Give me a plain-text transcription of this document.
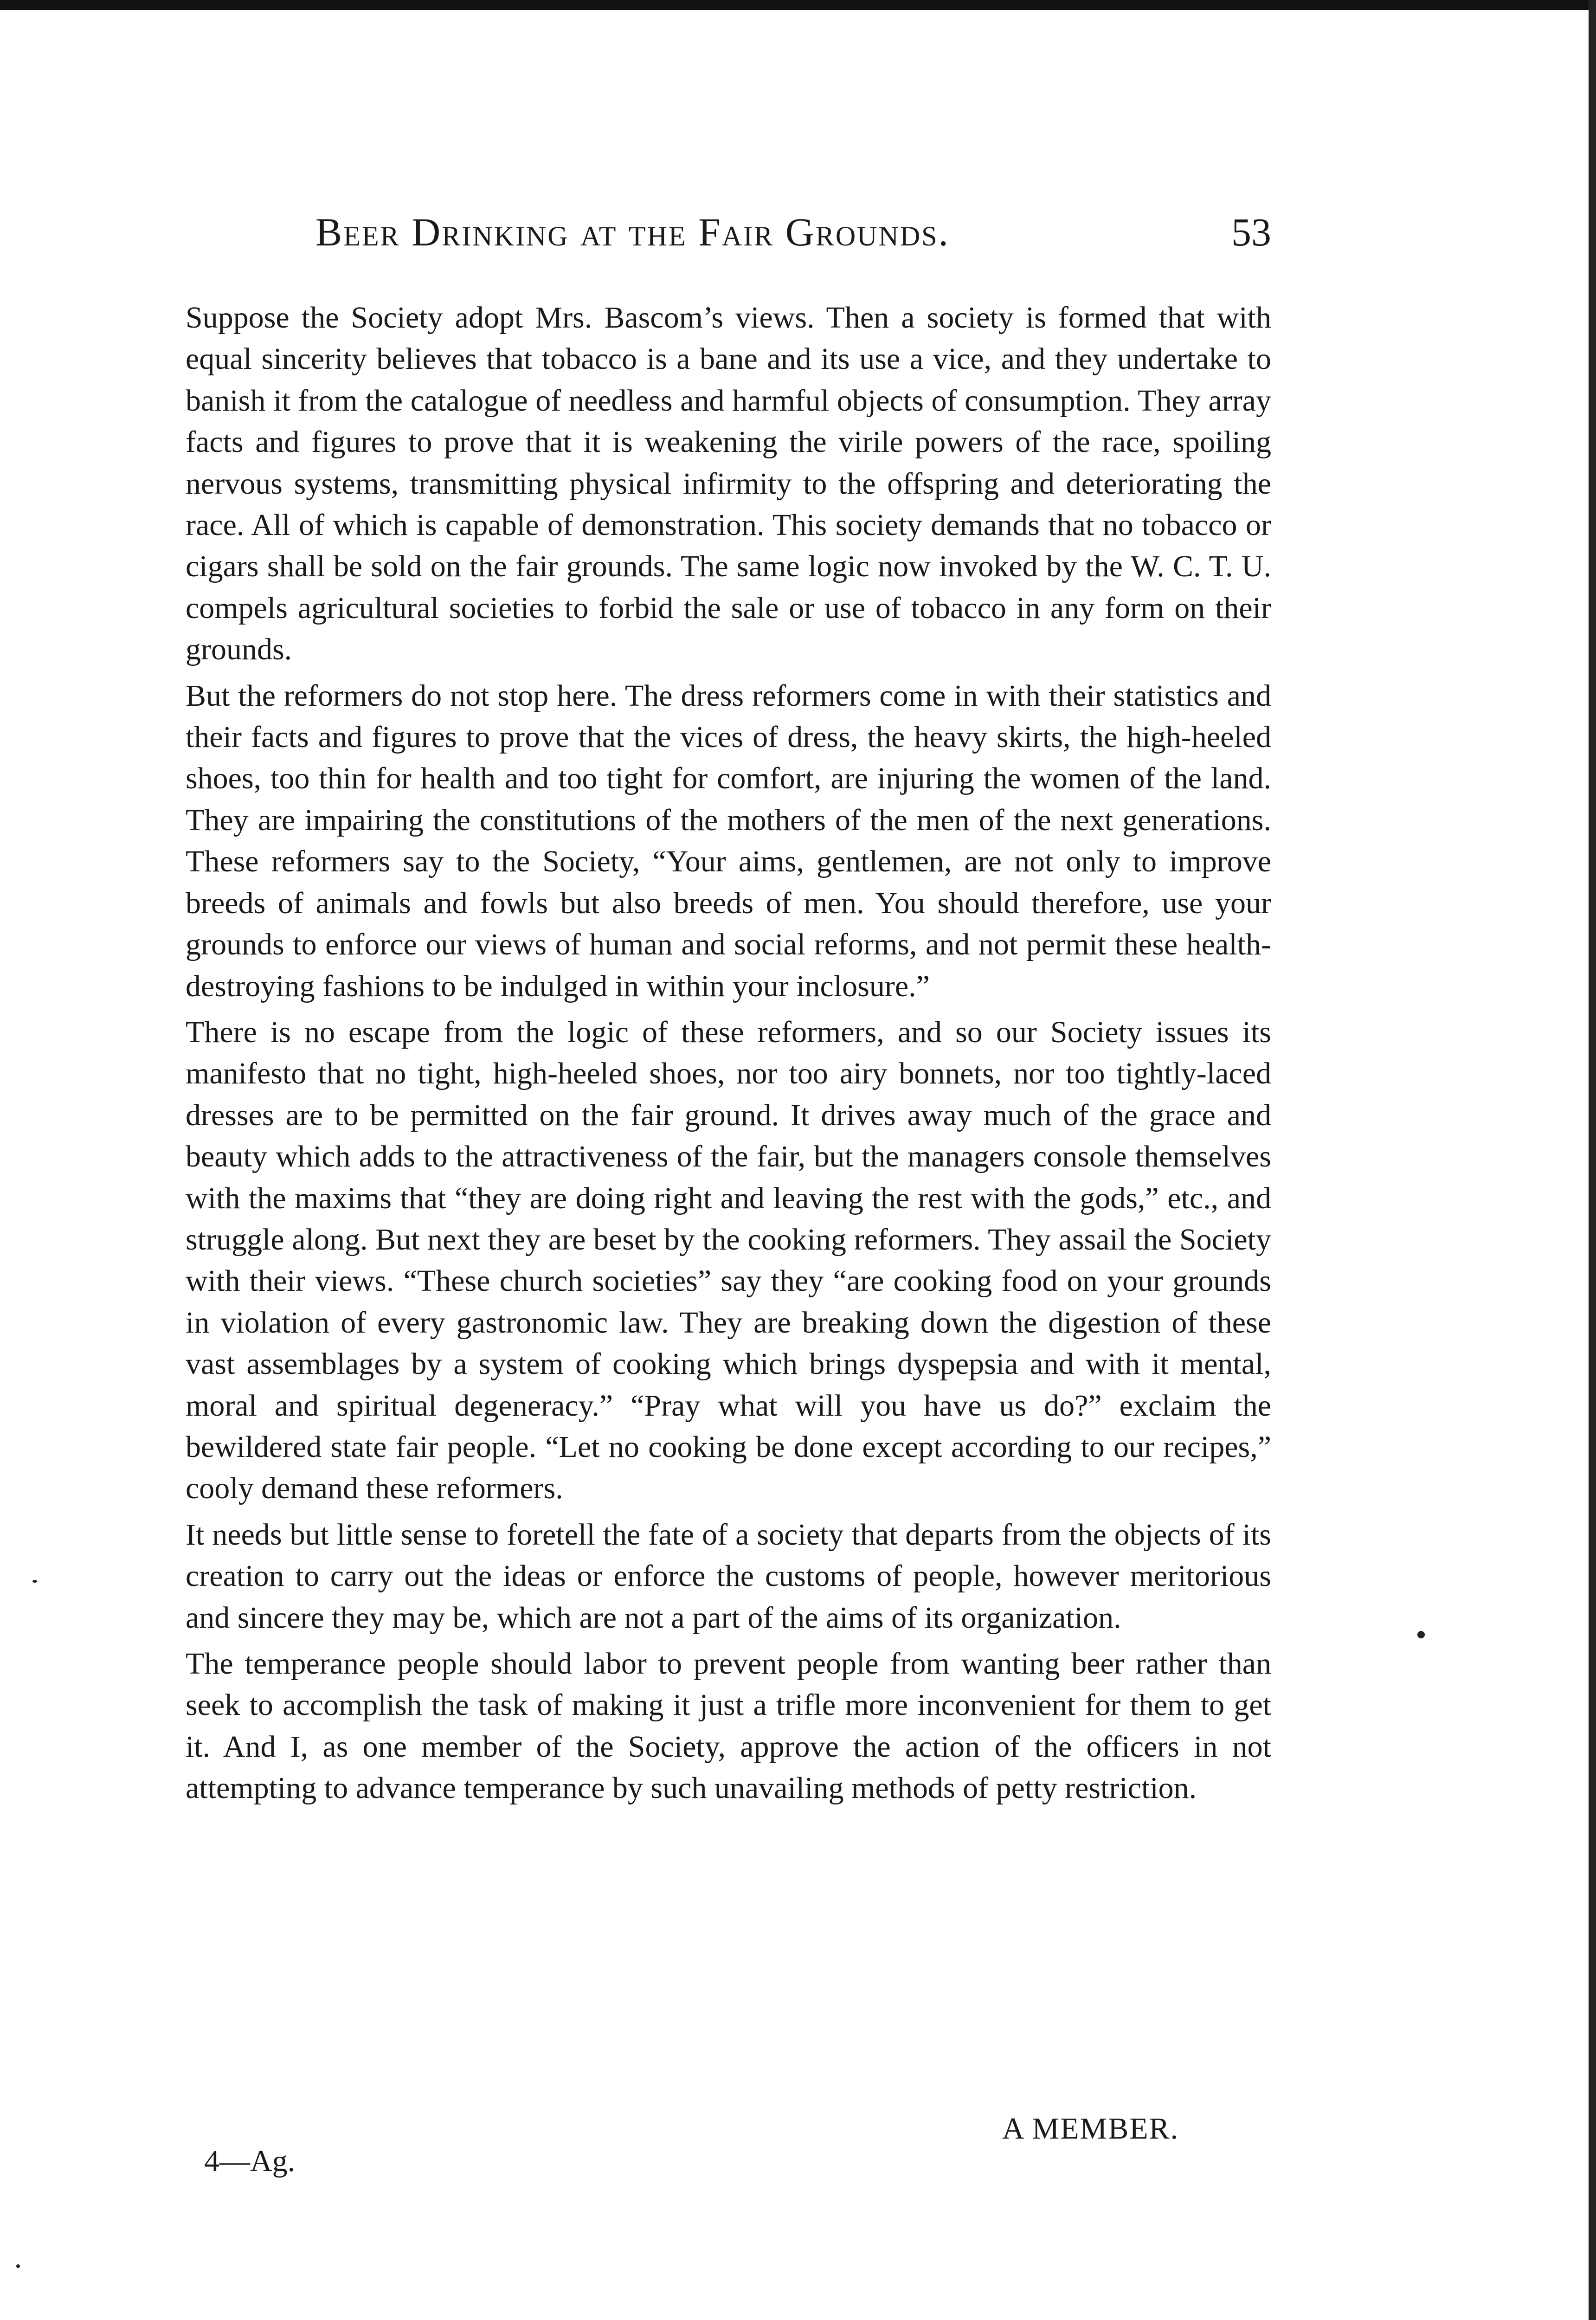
Beer Drinking at the Fair Grounds.	53

Suppose the Society adopt Mrs. Bascom’s views. Then a society is formed that with equal sincerity believes that tobacco is a bane and its use a vice, and they undertake to banish it from the catalogue of needless and harmful objects of consumption. They array facts and figures to prove that it is weakening the virile powers of the race, spoiling nervous systems, transmitting physical infirmity to the offspring and deteriorating the race. All of which is capable of demonstration. This society demands that no tobacco or cigars shall be sold on the fair grounds. The same logic now invoked by the W. C. T. U. compels agricultural societies to forbid the sale or use of tobacco in any form on their grounds.

But the reformers do not stop here. The dress reformers come in with their statistics and their facts and figures to prove that the vices of dress, the heavy skirts, the high-heeled shoes, too thin for health and too tight for comfort, are injuring the women of the land. They are impairing the constitutions of the mothers of the men of the next generations. These reformers say to the Society, “Your aims, gentlemen, are not only to improve breeds of animals and fowls but also breeds of men. You should therefore, use your grounds to enforce our views of human and social reforms, and not permit these health-destroying fashions to be indulged in within your inclosure.”

There is no escape from the logic of these reformers, and so our Society issues its manifesto that no tight, high-heeled shoes, nor too airy bonnets, nor too tightly-laced dresses are to be permitted on the fair ground. It drives away much of the grace and beauty which adds to the attractiveness of the fair, but the managers console themselves with the maxims that “they are doing right and leaving the rest with the gods,” etc., and struggle along. But next they are beset by the cooking reformers. They assail the Society with their views. “These church societies” say they “are cooking food on your grounds in violation of every gastronomic law. They are breaking down the digestion of these vast assemblages by a system of cooking which brings dyspepsia and with it mental, moral and spiritual degeneracy.” “Pray what will you have us do?” exclaim the bewildered state fair people. “Let no cooking be done except according to our recipes,” cooly demand these reformers.

It needs but little sense to foretell the fate of a society that departs from the objects of its creation to carry out the ideas or enforce the customs of people, however meritorious and sincere they may be, which are not a part of the aims of its organization.

The temperance people should labor to prevent people from wanting beer rather than seek to accomplish the task of making it just a trifle more inconvenient for them to get it. And I, as one member of the Society, approve the action of the officers in not attempting to advance temperance by such unavailing methods of petty restriction.

A MEMBER.
4—Ag.
